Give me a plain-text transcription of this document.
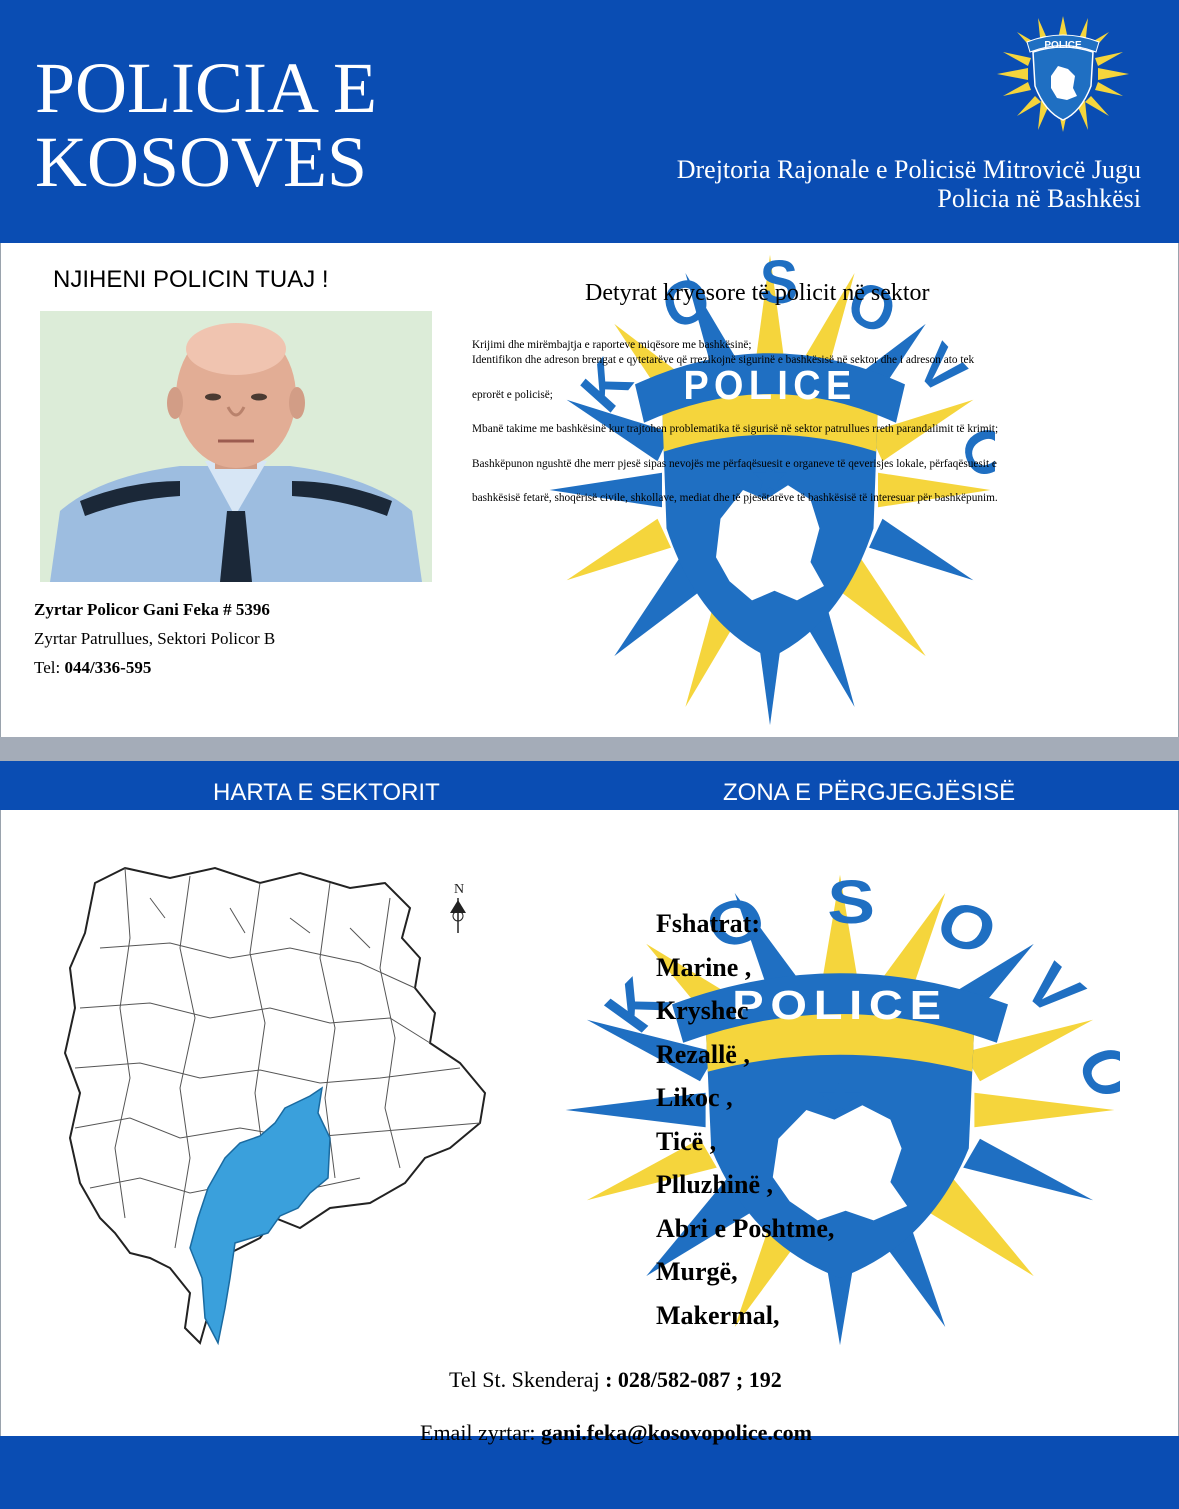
POLICIA E
KOSOVES	Drejtoria Rajonale e Policisë Mitrovicë Jugu
Policia në Bashkësi
POLICE
NJIHENI POLICIN TUAJ !
Zyrtar Policor Gani Feka # 5396
Zyrtar Patrullues, Sektori Policor B
Tel: 044/336-595
Detyrat kryesore të policit në sektor

Krijimi dhe mirëmbajtja e raporteve miqësore me bashkësinë;

Identifikon dhe adreson brengat e qytetarëve që rrezikojnë sigurinë e bashkësisë në sektor dhe i adreson ato tek

eprorët e policisë;

Mbanë takime me bashkësinë kur trajtohen problematika të sigurisë në sektor patrullues rreth parandalimit të krimit;

Bashkëpunon ngushtë dhe merr pjesë sipas nevojës me përfaqësuesit e organeve të qeverisjes lokale, përfaqësuesit e

bashkësisë fetarë, shoqërisë civile, shkollave, mediat dhe të pjesëtarëve të bashkësisë të interesuar për bashkëpunim.

HARTA E SEKTORIT	ZONA E PËRGJEGJËSISË
N
Fshatrat:
Marine ,
Kryshec
Rezallë ,
Likoc ,
Ticë ,
Plluzhinë ,
Abri e Poshtme,
Murgë,
Makermal,
Tel St. Skenderaj : 028/582-087 ; 192
Email zyrtar: gani.feka@kosovopolice.com
